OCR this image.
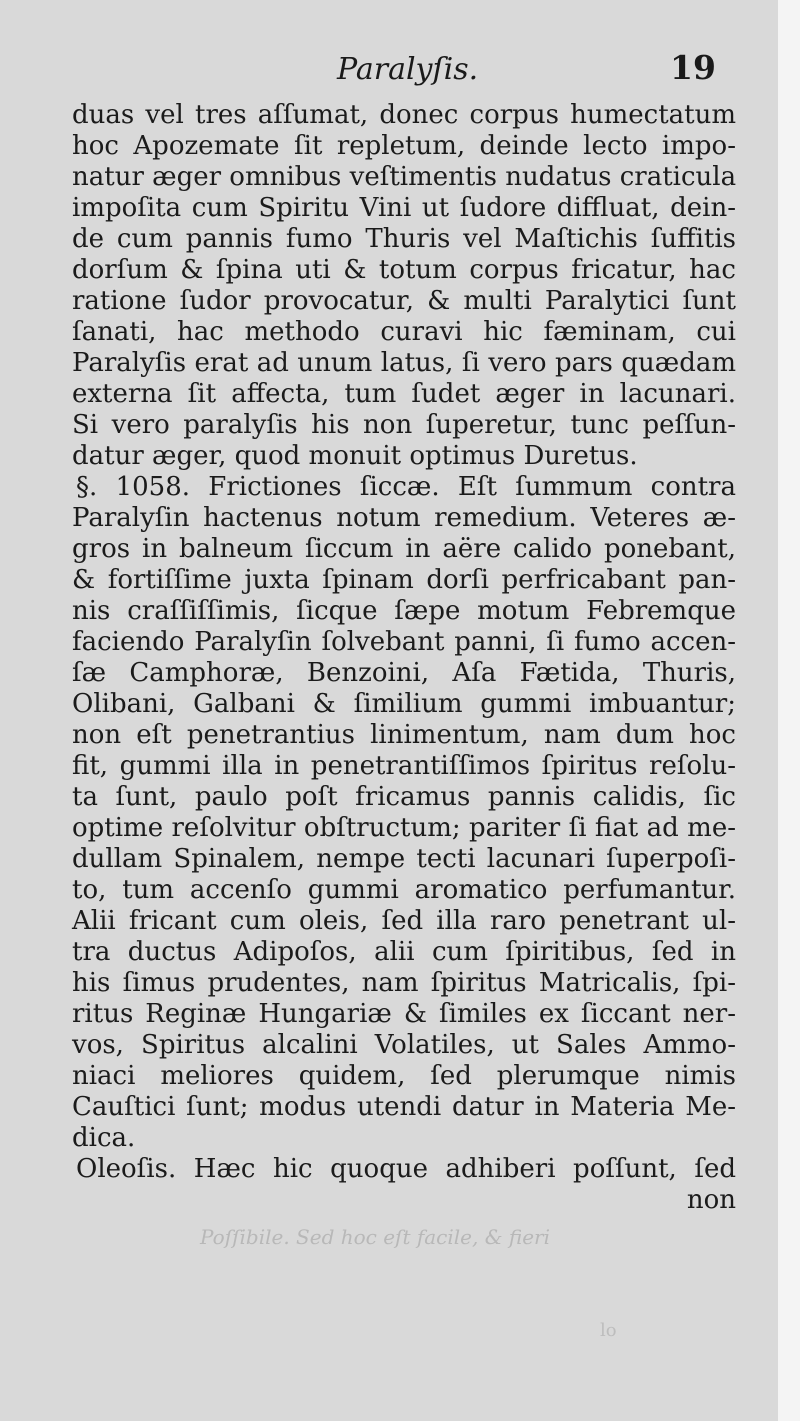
Paralyſis.	19
duas vel tres aſſumat, donec corpus humectatum
hoc Apozemate ſit repletum, deinde lecto impo-
natur æger omnibus veſtimentis nudatus craticula
impoſita cum Spiritu Vini ut ſudore diffluat, dein-
de cum pannis fumo Thuris vel Maſtichis ſuffitis
dorſum & ſpina uti & totum corpus fricatur, hac
ratione ſudor provocatur, & multi Paralytici ſunt
ſanati, hac methodo curavi hic fæminam, cui
Paralyſis erat ad unum latus, ſi vero pars quædam
externa ſit affecta, tum ſudet æger in lacunari.
Si vero paralyſis his non ſuperetur, tunc peſſun-
datur æger, quod monuit optimus Duretus.
§. 1058. Frictiones ſiccæ. Eſt ſummum contra
Paralyſin hactenus notum remedium. Veteres æ-
gros in balneum ſiccum in aëre calido ponebant,
& fortiſſime juxta ſpinam dorſi perfricabant pan-
nis craſſiſſimis, ſicque ſæpe motum Febremque
faciendo Paralyſin ſolvebant panni, ſi fumo accen-
ſæ Camphoræ, Benzoini, Aſa Fætida, Thuris,
Olibani, Galbani & ſimilium gummi imbuantur;
non eſt penetrantius linimentum, nam dum hoc
fit, gummi illa in penetrantiſſimos ſpiritus reſolu-
ta ſunt, paulo poſt fricamus pannis calidis, ſic
optime reſolvitur obſtructum; pariter ſi fiat ad me-
dullam Spinalem, nempe tecti lacunari ſuperpoſi-
to, tum accenſo gummi aromatico perfumantur.
Alii fricant cum oleis, ſed illa raro penetrant ul-
tra ductus Adipoſos, alii cum ſpiritibus, ſed in
his ſimus prudentes, nam ſpiritus Matricalis, ſpi-
ritus Reginæ Hungariæ & ſimiles ex ſiccant ner-
vos, Spiritus alcalini Volatiles, ut Sales Ammo-
niaci meliores quidem, ſed plerumque nimis
Cauſtici ſunt; modus utendi datur in Materia Me-
dica.
Oleoſis. Hæc hic quoque adhiberi poſſunt, ſed
non
Poſſibile. Sed hoc eſt facile, & fieri
lo
